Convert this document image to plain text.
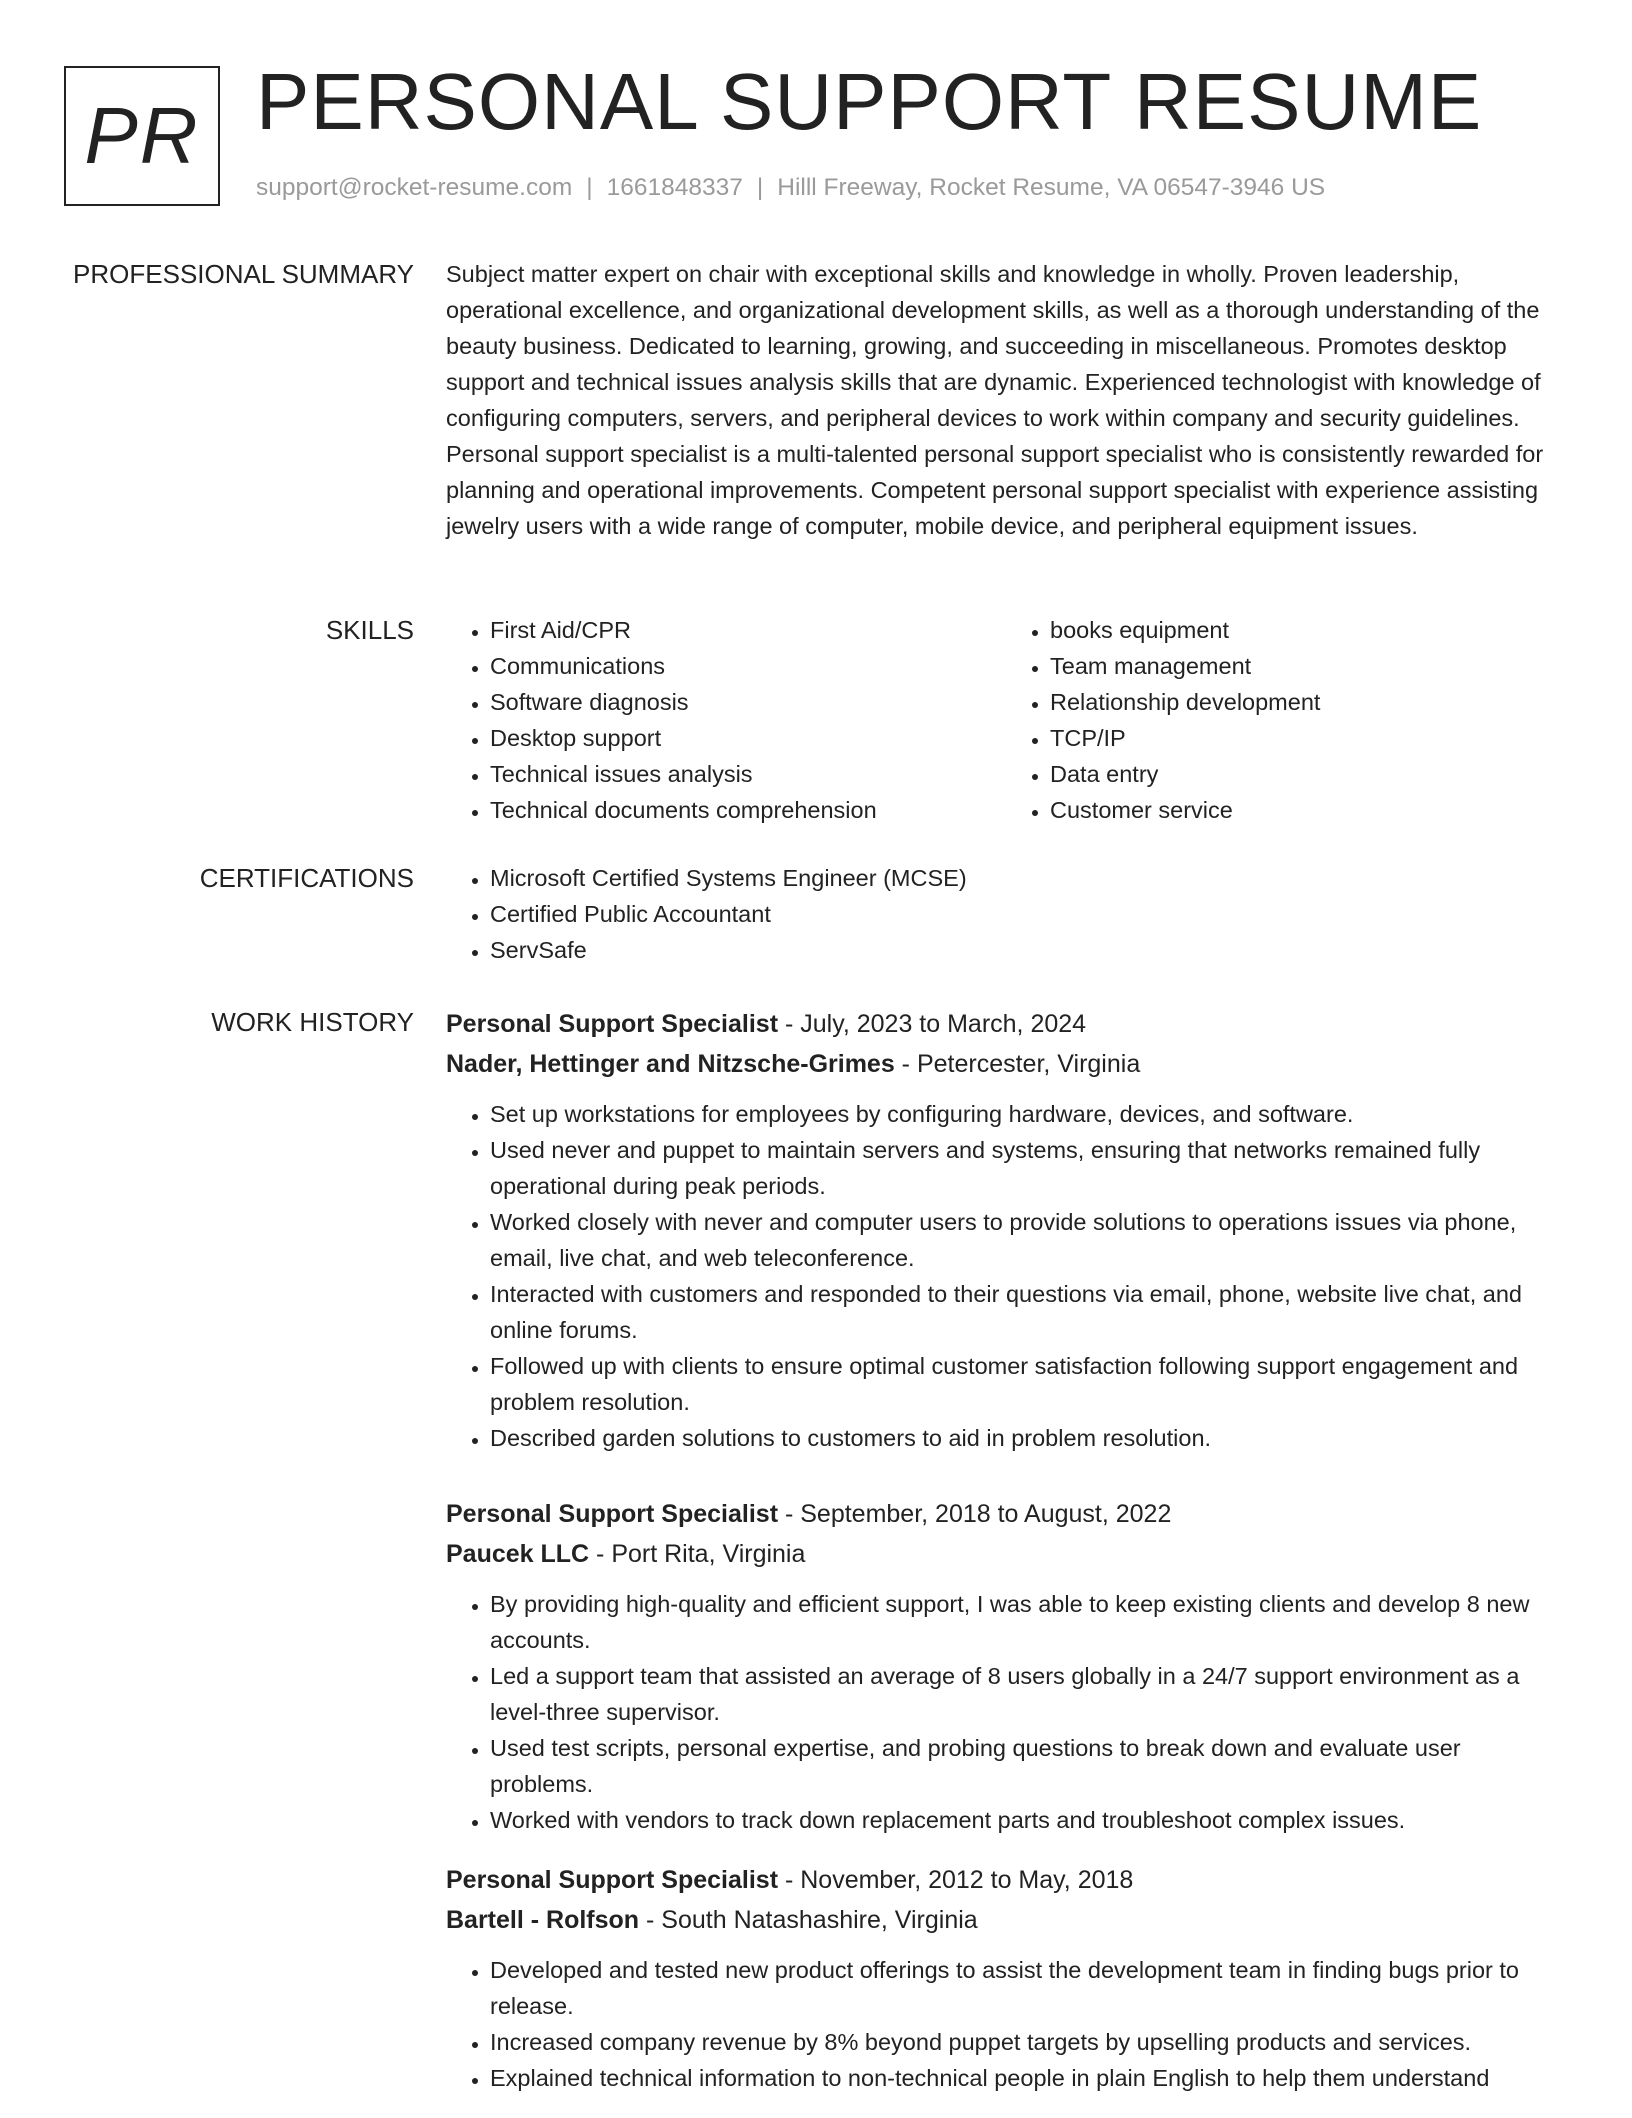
PR PERSONAL SUPPORT RESUME
support@rocket-resume.com | 1661848337 | Hilll Freeway, Rocket Resume, VA 06547-3946 US
PROFESSIONAL SUMMARY Subject matter expert on chair with exceptional skills and knowledge in wholly. Proven leadership, operational excellence, and organizational development skills, as well as a thorough understanding of the beauty business. Dedicated to learning, growing, and succeeding in miscellaneous. Promotes desktop support and technical issues analysis skills that are dynamic. Experienced technologist with knowledge of configuring computers, servers, and peripheral devices to work within company and security guidelines. Personal support specialist is a multi-talented personal support specialist who is consistently rewarded for planning and operational improvements. Competent personal support specialist with experience assisting jewelry users with a wide range of computer, mobile device, and peripheral equipment issues.

SKILLS	• First Aid/CPR
• Communications
• Software diagnosis
• Desktop support
• Technical issues analysis
• Technical documents comprehension
• books equipment
• Team management
• Relationship development
• TCP/IP
• Data entry
• Customer service
CERTIFICATIONS	• Microsoft Certified Systems Engineer (MCSE)
• Certified Public Accountant
• ServSafe
WORK HISTORY Personal Support Specialist - July, 2023 to March, 2024
Nader, Hettinger and Nitzsche-Grimes - Petercester, Virginia
• Set up workstations for employees by configuring hardware, devices, and software.
• Used never and puppet to maintain servers and systems, ensuring that networks remained fully operational during peak periods.
• Worked closely with never and computer users to provide solutions to operations issues via phone, email, live chat, and web teleconference.
• Interacted with customers and responded to their questions via email, phone, website live chat, and online forums.
• Followed up with clients to ensure optimal customer satisfaction following support engagement and problem resolution.
• Described garden solutions to customers to aid in problem resolution.
Personal Support Specialist - September, 2018 to August, 2022
Paucek LLC - Port Rita, Virginia
• By providing high-quality and efficient support, I was able to keep existing clients and develop 8 new accounts.
• Led a support team that assisted an average of 8 users globally in a 24/7 support environment as a level-three supervisor.
• Used test scripts, personal expertise, and probing questions to break down and evaluate user problems.
• Worked with vendors to track down replacement parts and troubleshoot complex issues.
Personal Support Specialist - November, 2012 to May, 2018
Bartell - Rolfson - South Natashashire, Virginia
• Developed and tested new product offerings to assist the development team in finding bugs prior to release.
• Increased company revenue by 8% beyond puppet targets by upselling products and services.
• Explained technical information to non-technical people in plain English to help them understand
